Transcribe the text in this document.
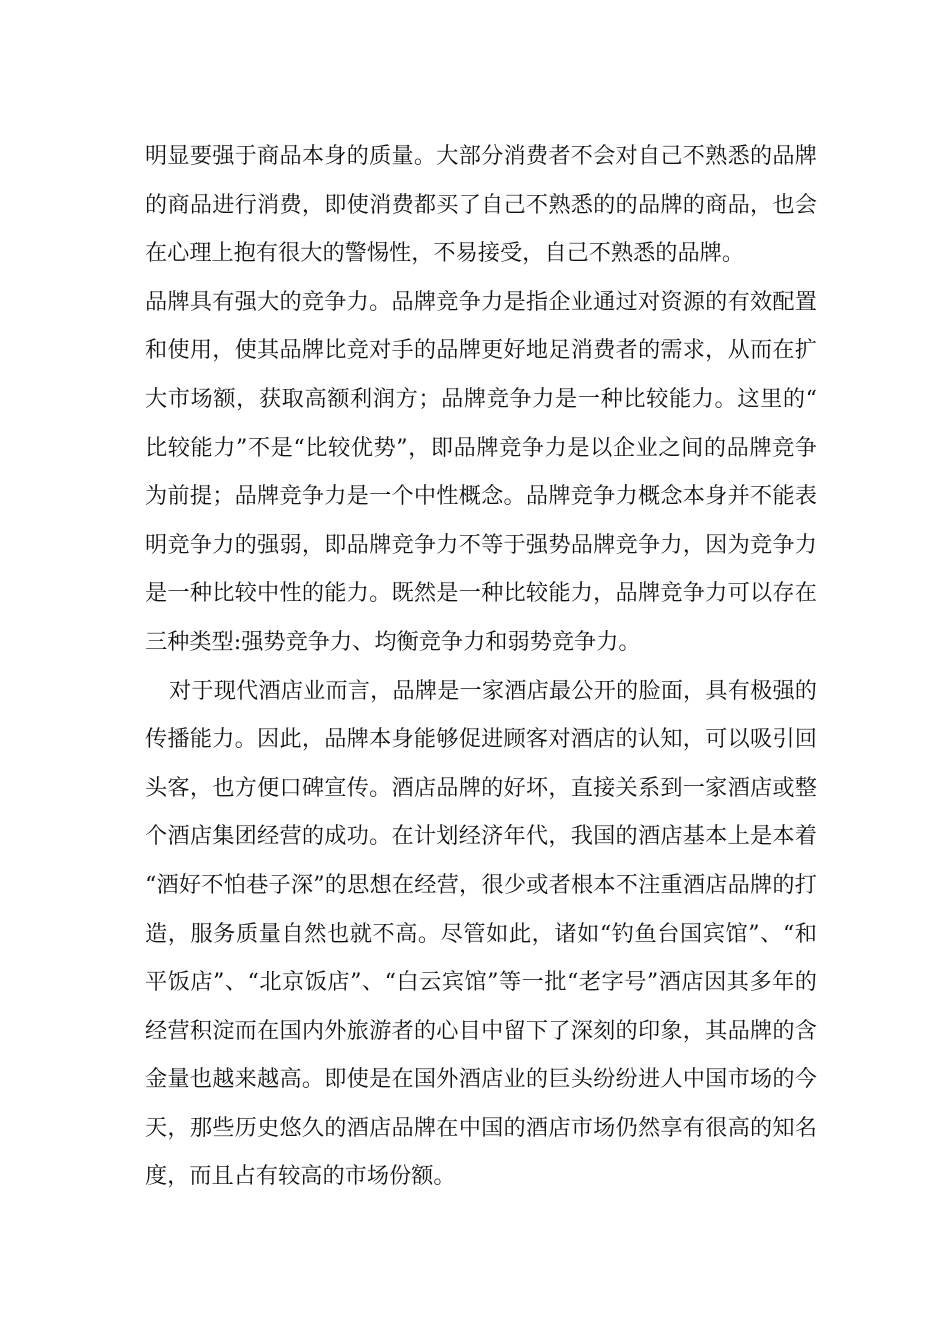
明显要强于商品本身的质量。大部分消费者不会对自己不熟悉的品牌的商品进行消费，即使消费都买了自己不熟悉的的品牌的商品，也会在心理上抱有很大的警惕性，不易接受，自己不熟悉的品牌。

品牌具有强大的竞争力。品牌竞争力是指企业通过对资源的有效配置和使用，使其品牌比竞对手的品牌更好地足消费者的需求，从而在扩大市场额，获取高额利润方；品牌竞争力是一种比较能力。这里的“比较能力”不是“比较优势”，即品牌竞争力是以企业之间的品牌竞争为前提；品牌竞争力是一个中性概念。品牌竞争力概念本身并不能表明竞争力的强弱，即品牌竞争力不等于强势品牌竞争力，因为竞争力是一种比较中性的能力。既然是一种比较能力，品牌竞争力可以存在三种类型:强势竞争力、均衡竞争力和弱势竞争力。

对于现代酒店业而言，品牌是一家酒店最公开的脸面，具有极强的传播能力。因此，品牌本身能够促进顾客对酒店的认知，可以吸引回头客，也方便口碑宣传。酒店品牌的好坏，直接关系到一家酒店或整个酒店集团经营的成功。在计划经济年代，我国的酒店基本上是本着“酒好不怕巷子深”的思想在经营，很少或者根本不注重酒店品牌的打造，服务质量自然也就不高。尽管如此，诸如“钓鱼台国宾馆”、“和平饭店”、“北京饭店”、“白云宾馆”等一批“老字号”酒店因其多年的经营积淀而在国内外旅游者的心目中留下了深刻的印象，其品牌的含金量也越来越高。即使是在国外酒店业的巨头纷纷进人中国市场的今天，那些历史悠久的酒店品牌在中国的酒店市场仍然享有很高的知名度，而且占有较高的市场份额。
